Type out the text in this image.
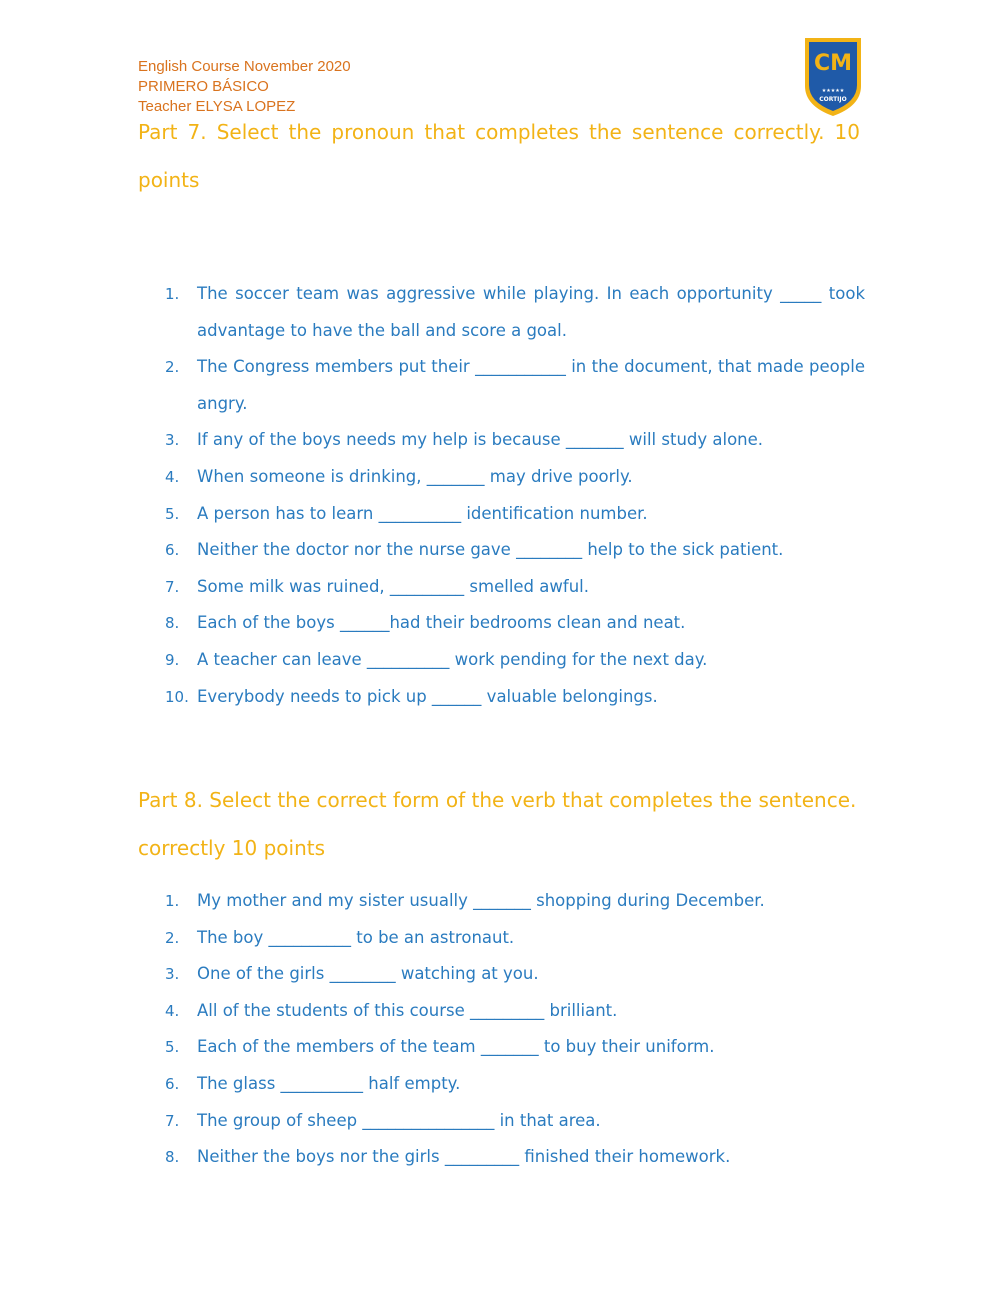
English Course November 2020
PRIMERO BÁSICO
Teacher ELYSA LOPEZ
CM
★★★★★
CORTIJO
Part 7. Select the pronoun that completes the sentence correctly. 10 points
1. The soccer team was aggressive while playing. In each opportunity _____ took advantage to have the ball and score a goal.
2. The Congress members put their ___________ in the document, that made people angry.
3. If any of the boys needs my help is because _______ will study alone.
4. When someone is drinking, _______ may drive poorly.
5. A person has to learn __________ identification number.
6. Neither the doctor nor the nurse gave ________ help to the sick patient.
7. Some milk was ruined, _________ smelled awful.
8. Each of the boys ______had their bedrooms clean and neat.
9. A teacher can leave __________ work pending for the next day.
10. Everybody needs to pick up ______ valuable belongings.
Part 8. Select the correct form of the verb that completes the sentence. correctly 10 points
1. My mother and my sister usually _______ shopping during December.
2. The boy __________ to be an astronaut.
3. One of the girls ________ watching at you.
4. All of the students of this course _________ brilliant.
5. Each of the members of the team _______ to buy their uniform.
6. The glass __________ half empty.
7. The group of sheep ________________ in that area.
8. Neither the boys nor the girls _________ finished their homework.
